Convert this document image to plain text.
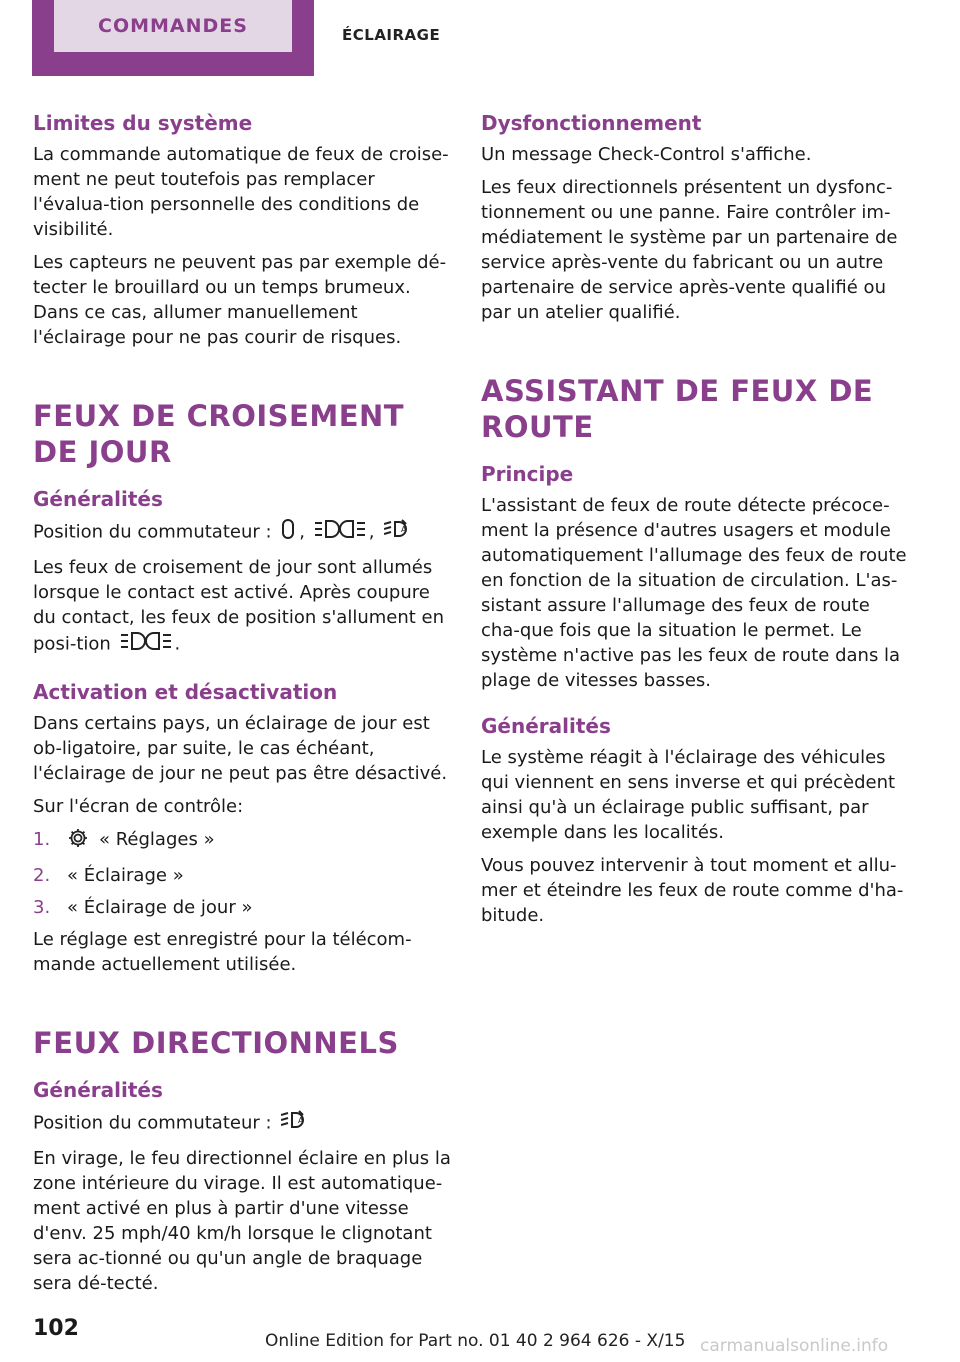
COMMANDES	ÉCLAIRAGE
Limites du système

La commande automatique de feux de croise-ment ne peut toutefois pas remplacer l'évalua-tion personnelle des conditions de visibilité.

Les capteurs ne peuvent pas par exemple dé-tecter le brouillard ou un temps brumeux. Dans ce cas, allumer manuellement l'éclairage pour ne pas courir de risques.

FEUX DE CROISEMENT DE JOUR
Généralités

Position du commutateur : ,	,	A

Les feux de croisement de jour sont allumés lorsque le contact est activé. Après coupure du contact, les feux de position s'allument en posi-tion	.

Activation et désactivation

Dans certains pays, un éclairage de jour est ob-ligatoire, par suite, le cas échéant, l'éclairage de jour ne peut pas être désactivé.

Sur l'écran de contrôle:

1.	« Réglages »
2. « Éclairage »
3. « Éclairage de jour »

Le réglage est enregistré pour la télécom-mande actuellement utilisée.

FEUX DIRECTIONNELS
Généralités

Position du commutateur :	A

En virage, le feu directionnel éclaire en plus la zone intérieure du virage. Il est automatique-ment activé en plus à partir d'une vitesse d'env. 25 mph/40 km/h lorsque le clignotant sera ac-tionné ou qu'un angle de braquage sera dé-tecté.

Dysfonctionnement

Un message Check-Control s'affiche.

Les feux directionnels présentent un dysfonc-tionnement ou une panne. Faire contrôler im-médiatement le système par un partenaire de service après-vente du fabricant ou un autre partenaire de service après-vente qualifié ou par un atelier qualifié.

ASSISTANT DE FEUX DE ROUTE
Principe

L'assistant de feux de route détecte précoce-ment la présence d'autres usagers et module automatiquement l'allumage des feux de route en fonction de la situation de circulation. L'as-sistant assure l'allumage des feux de route cha-que fois que la situation le permet. Le système n'active pas les feux de route dans la plage de vitesses basses.

Généralités

Le système réagit à l'éclairage des véhicules qui viennent en sens inverse et qui précèdent ainsi qu'à un éclairage public suffisant, par exemple dans les localités.

Vous pouvez intervenir à tout moment et allu-mer et éteindre les feux de route comme d'ha-bitude.

102	Online Edition for Part no. 01 40 2 964 626 - X/15 carmanualsonline.info
